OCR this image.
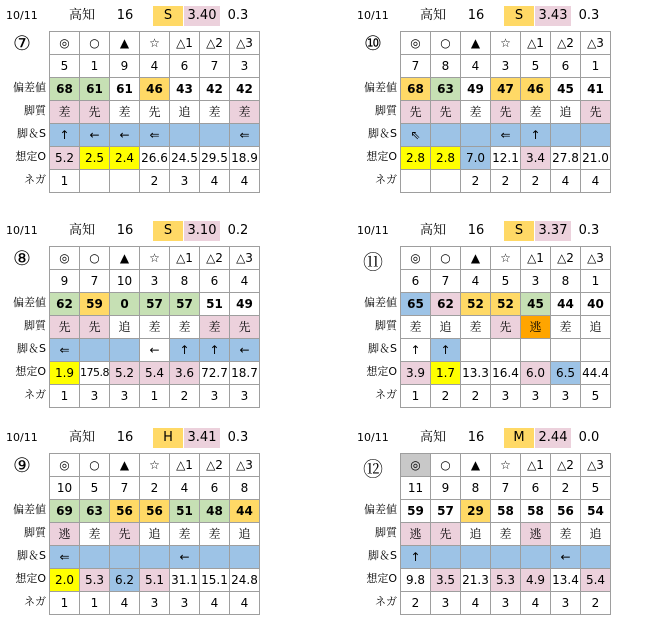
10/11	高知	16	S	3.40 0.3
⑦
偏差値
脚質
脚＆S
想定O
ネガ
◎	○	▲	☆	△1	△2	△3
5	1	9	4	6	7	3
68	61	61	46	43	42	42
差	先	差	先	追	差	差
↑	←	←	⇐			⇐
5.2	2.5	2.4	26.6	24.5	29.5	18.9
1			2	3	4	4
10/11	高知	16	S	3.43 0.3
⑩
偏差値
脚質
脚＆S
想定O
ネガ
◎	○	▲	☆	△1	△2	△3
7	8	4	3	5	6	1
68	63	49	47	46	45	41
先	先	差	先	差	追	先
⇖			⇐	↑		
2.8	2.8	7.0	12.1	3.4	27.8	21.0
		2	2	2	4	4
10/11	高知	16	S	3.10 0.2
⑧
偏差値
脚質
脚＆S
想定O
ネガ
◎	○	▲	☆	△1	△2	△3
9	7	10	3	8	6	4
62	59	0	57	57	51	49
先	先	追	差	差	差	先
⇐			←	↑	↑	←
1.9	175.8	5.2	5.4	3.6	72.7	18.7
1	3	3	1	2	3	3
10/11	高知	16	S	3.37 0.3
⑪
偏差値
脚質
脚＆S
想定O
ネガ
◎	○	▲	☆	△1	△2	△3
6	7	4	5	3	8	1
65	62	52	52	45	44	40
差	追	差	先	逃	差	追
↑	↑					
3.9	1.7	13.3	16.4	6.0	6.5	44.4
1	2	2	3	3	3	5
10/11	高知	16	H	3.41 0.3
⑨
偏差値
脚質
脚＆S
想定O
ネガ
◎	○	▲	☆	△1	△2	△3
10	5	7	2	4	6	8
69	63	56	56	51	48	44
逃	差	先	追	差	差	追
⇐				←		
2.0	5.3	6.2	5.1	31.1	15.1	24.8
1	1	4	3	3	4	4
10/11	高知	16	M	2.44 0.0
⑫
偏差値
脚質
脚＆S
想定O
ネガ
◎	○	▲	☆	△1	△2	△3
11	9	8	7	6	2	5
59	57	29	58	58	56	54
逃	先	追	差	逃	差	追
↑					←	
9.8	3.5	21.3	5.3	4.9	13.4	5.4
2	3	4	3	4	3	2
